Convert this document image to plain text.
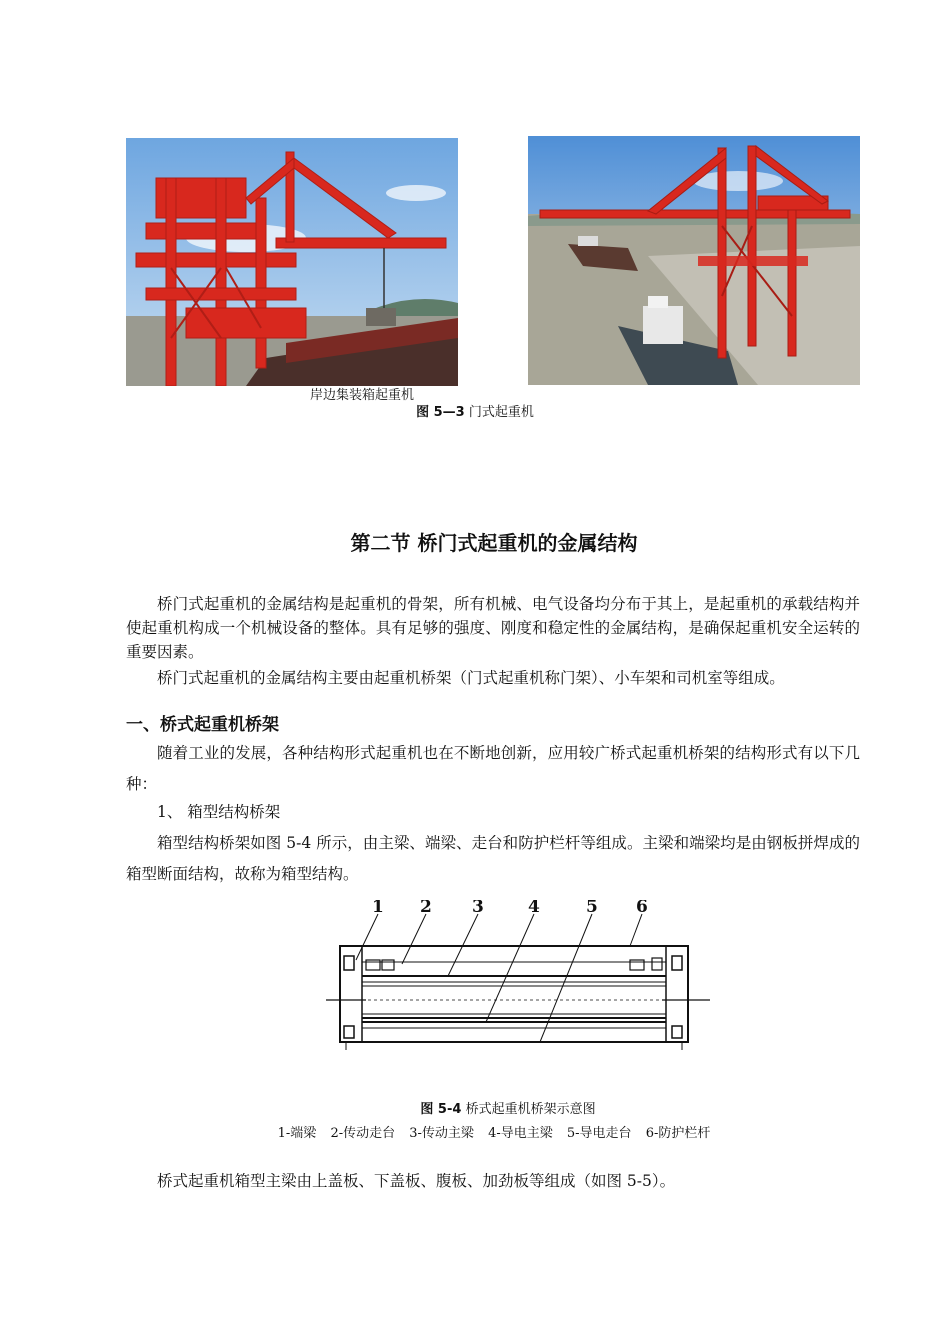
岸边集装箱起重机
图 5—3 门式起重机
第二节 桥门式起重机的金属结构
桥门式起重机的金属结构是起重机的骨架，所有机械、电气设备均分布于其上，是起重机的承载结构并使起重机构成一个机械设备的整体。具有足够的强度、刚度和稳定性的金属结构，是确保起重机安全运转的重要因素。
桥门式起重机的金属结构主要由起重机桥架（门式起重机称门架）、小车架和司机室等组成。
一、桥式起重机桥架
随着工业的发展，各种结构形式起重机也在不断地创新，应用较广桥式起重机桥架的结构形式有以下几种：
1、 箱型结构桥架
箱型结构桥架如图 5-4 所示，由主梁、端梁、走台和防护栏杆等组成。主梁和端梁均是由钢板拼焊成的箱型断面结构，故称为箱型结构。
1 2 3	4	5 6
图 5-4 桥式起重机桥架示意图
1-端梁 2-传动走台 3-传动主梁 4-导电主梁 5-导电走台 6-防护栏杆
桥式起重机箱型主梁由上盖板、下盖板、腹板、加劲板等组成（如图 5-5）。
